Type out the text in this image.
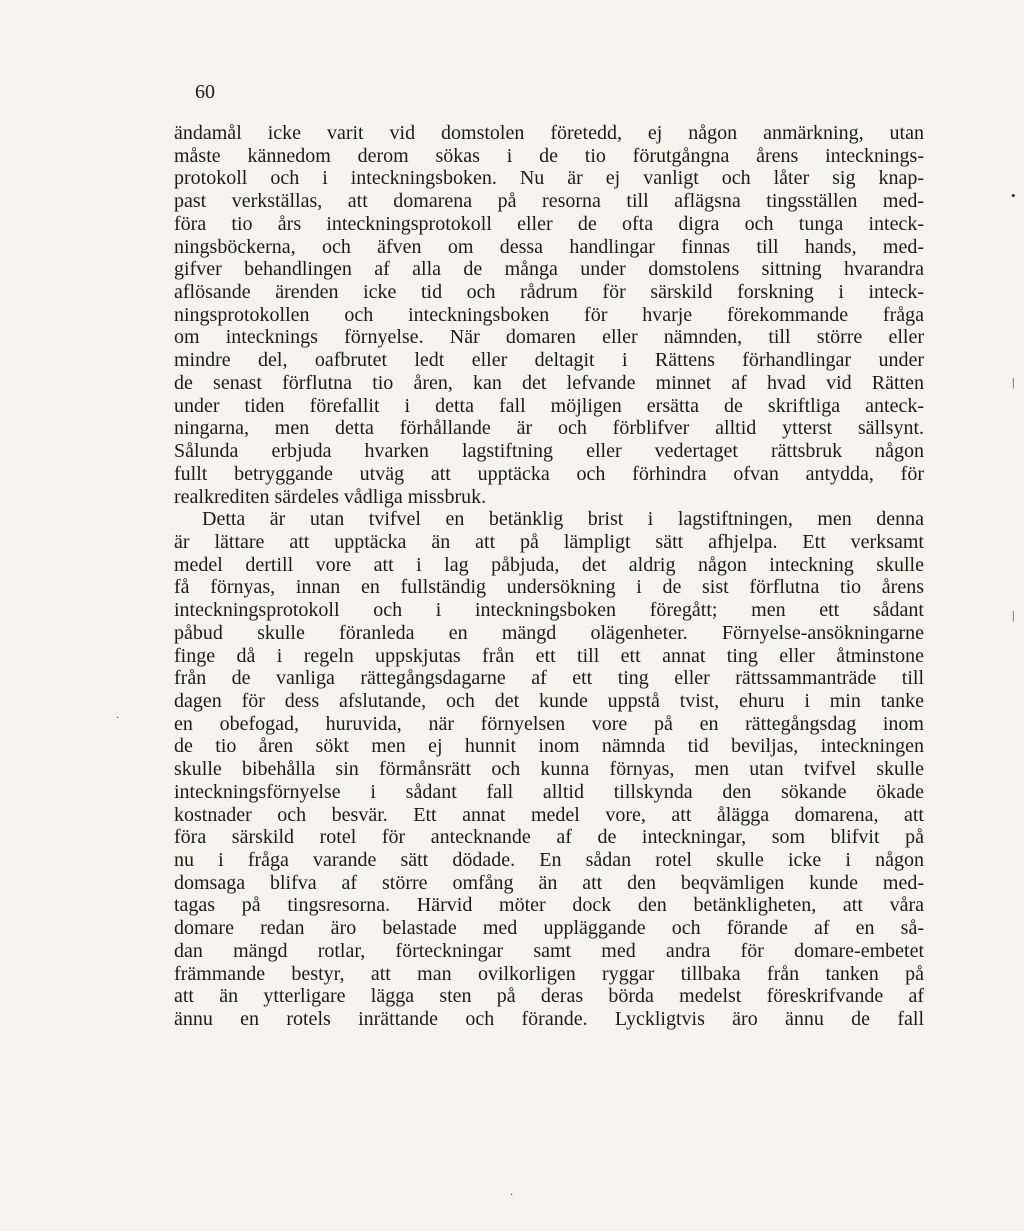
60
ändamål icke varit vid domstolen företedd, ej någon anmärkning, utan
måste kännedom derom sökas i de tio förutgångna årens intecknings-
protokoll och i inteckningsboken. Nu är ej vanligt och låter sig knap-
past verkställas, att domarena på resorna till aflägsna tingsställen med-
föra tio års inteckningsprotokoll eller de ofta digra och tunga inteck-
ningsböckerna, och äfven om dessa handlingar finnas till hands, med-
gifver behandlingen af alla de många under domstolens sittning hvarandra
aflösande ärenden icke tid och rådrum för särskild forskning i inteck-
ningsprotokollen och inteckningsboken för hvarje förekommande fråga
om intecknings förnyelse. När domaren eller nämnden, till större eller
mindre del, oafbrutet ledt eller deltagit i Rättens förhandlingar under
de senast förflutna tio åren, kan det lefvande minnet af hvad vid Rätten
under tiden förefallit i detta fall möjligen ersätta de skriftliga anteck-
ningarna, men detta förhållande är och förblifver alltid ytterst sällsynt.
Sålunda erbjuda hvarken lagstiftning eller vedertaget rättsbruk någon
fullt betryggande utväg att upptäcka och förhindra ofvan antydda, för
realkrediten särdeles vådliga missbruk.
Detta är utan tvifvel en betänklig brist i lagstiftningen, men denna
är lättare att upptäcka än att på lämpligt sätt afhjelpa. Ett verksamt
medel dertill vore att i lag påbjuda, det aldrig någon inteckning skulle
få förnyas, innan en fullständig undersökning i de sist förflutna tio årens
inteckningsprotokoll och i inteckningsboken föregått; men ett sådant
påbud skulle föranleda en mängd olägenheter. Förnyelse-ansökningarne
finge då i regeln uppskjutas från ett till ett annat ting eller åtminstone
från de vanliga rättegångsdagarne af ett ting eller rättssammanträde till
dagen för dess afslutande, och det kunde uppstå tvist, ehuru i min tanke
en obefogad, huruvida, när förnyelsen vore på en rättegångsdag inom
de tio åren sökt men ej hunnit inom nämnda tid beviljas, inteckningen
skulle bibehålla sin förmånsrätt och kunna förnyas, men utan tvifvel skulle
inteckningsförnyelse i sådant fall alltid tillskynda den sökande ökade
kostnader och besvär. Ett annat medel vore, att ålägga domarena, att
föra särskild rotel för antecknande af de inteckningar, som blifvit på
nu i fråga varande sätt dödade. En sådan rotel skulle icke i någon
domsaga blifva af större omfång än att den beqvämligen kunde med-
tagas på tingsresorna. Härvid möter dock den betänkligheten, att våra
domare redan äro belastade med uppläggande och förande af en så-
dan mängd rotlar, förteckningar samt med andra för domare-embetet
främmande bestyr, att man ovilkorligen ryggar tillbaka från tanken på
att än ytterligare lägga sten på deras börda medelst föreskrifvande af
ännu en rotels inrättande och förande. Lyckligtvis äro ännu de fall
•
|
|
·
·
